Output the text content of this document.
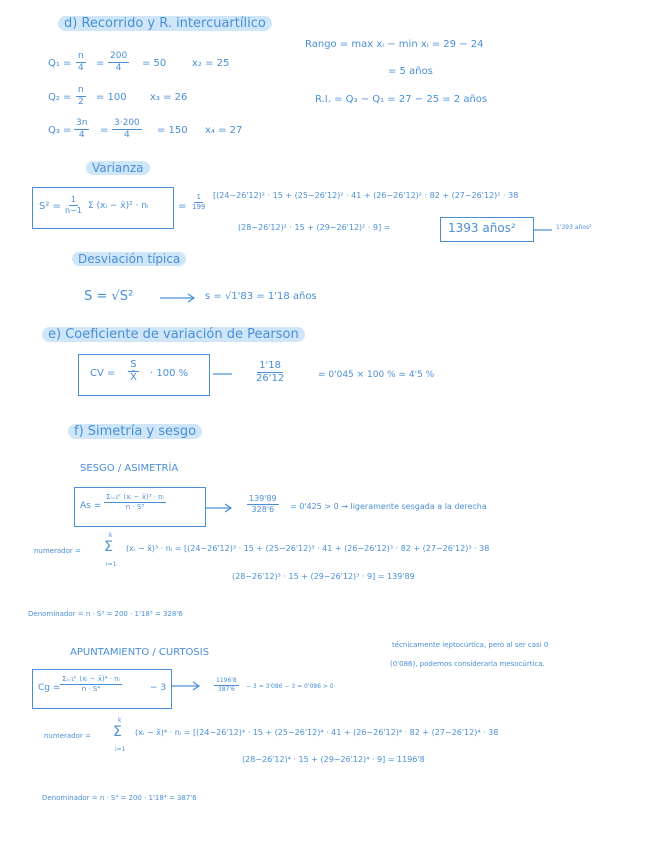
d) Recorrido y R. intercuartílico
$Q_1 = \frac{n}{4} = \frac{200}{4} = 50$	x₂ = 25
$Q_2 = \frac{n}{2} = 100$ x₃ = 26
$Q_3 = \frac{3n}{4} = \frac{3\cdot 200}{4} = 150$ x₄ = 27
Rango = max xᵢ − min xᵢ = 29 − 24
= 5 años
R.I. = Q₃ − Q₁ = 27 − 25 = 2 años
Varianza
$S^2 = \frac{1}{n-1}$ Σ (xᵢ − x̄)² · nᵢ	= $\frac{1}{199} [(24-26'12)^2 \cdot 15 + (25-26'12)^2 \cdot 41 + (26-26'12)^2 \cdot 82 + (27-26'12)^2 \cdot 38$
(28−26'12)² · 15 + (29−26'12)² · 9] =	1393 años²	1'393 años²
Desviación típica
S = √S²	s = √1'83 = 1'18 años
e) Coeficiente de variación de Pearson
CV = $\frac{S}{X̄} \cdot 100$ %	$\frac{1'18}{26'12}$	= 0'045 × 100 % = 4'5 %
f) Simetría y sesgo
SESGO / ASIMETRÍA
$As = \frac{\text{Σᵢ₌₁ᵏ (xᵢ − x̄)³ · nᵢ}}{\text{n · S³}}$	$\frac{139'89}{328'6} = 0'425 > 0$ → ligeramente sesgada a la derecha
numerador =
k
Σ
i=1
(xᵢ − x̄)³ · nᵢ = [(24−26'12)³ · 15 + (25−26'12)³ · 41 + (26−26'12)³ · 82 + (27−26'12)³ · 38
(28−26'12)³ · 15 + (29−26'12)³ · 9] = 139'89
Denominador = n · S³ = 200 · 1'18³ = 328'6
APUNTAMIENTO / CURTOSIS
técnicamente leptocúrtica, pero al ser casi 0
(0'086), podemos considerarla mesocúrtica.
$Cg = \frac{\text{Σᵢ₌₁ᵏ (xᵢ − x̄)⁴ · nᵢ}}{\text{n · S⁴}}$	− 3	$\frac{1196'8}{387'6} - 3 = 3'086 - 3 = 0'086 > 0$
numerador =
k
Σ
i=1
(xᵢ − x̄)⁴ · nᵢ = [(24−26'12)⁴ · 15 + (25−26'12)⁴ · 41 + (26−26'12)⁴ · 82 + (27−26'12)⁴ · 38
(28−26'12)⁴ · 15 + (29−26'12)⁴ · 9] = 1196'8
Denominador = n · S⁴ = 200 · 1'18⁴ = 387'6
